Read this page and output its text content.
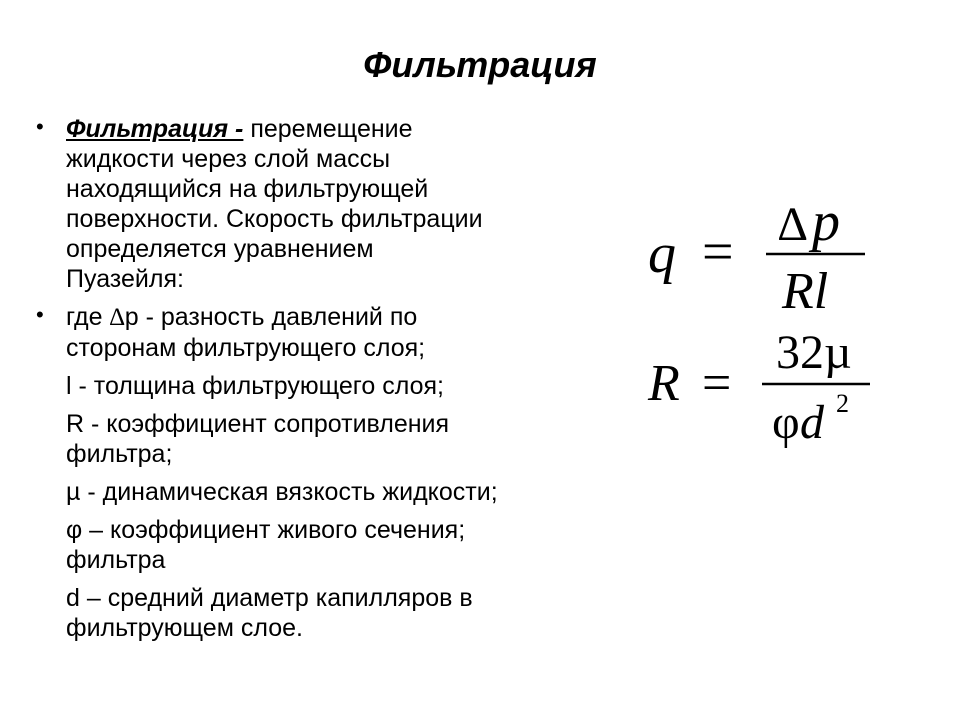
Фильтрация
• Фильтрация - перемещение
жидкости через слой массы
находящийся на фильтрующей
поверхности. Скорость фильтрации
определяется уравнением
Пуазейля:
• где ∆p - разность давлений по
сторонам фильтрующего слоя;
l - толщина фильтрующего слоя;
R - коэффициент сопротивления
фильтра;
µ - динамическая вязкость жидкости;
φ – коэффициент живого сечения;
фильтра
d – средний диаметр капилляров в
фильтрующем слое.
q = ∆ p
Rl
R =
32µ
φ d 2
